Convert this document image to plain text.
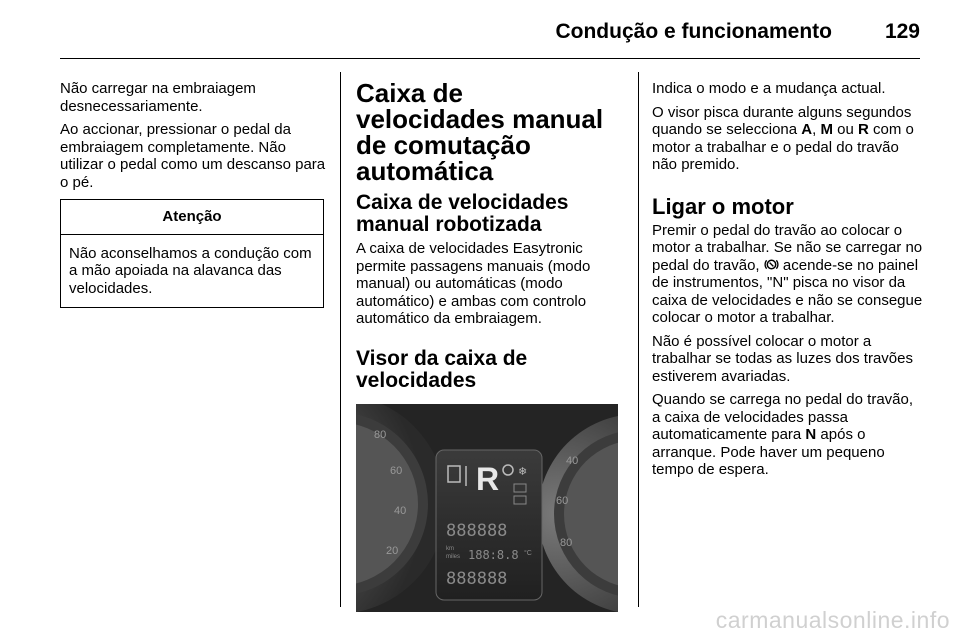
Condução e funcionamento	129

Não carregar na embraiagem desnecessariamente.

Ao accionar, pressionar o pedal da embraiagem completamente. Não utilizar o pedal como um descanso para o pé.

Atenção
Não aconselhamos a condução com a mão apoiada na alavanca das velocidades.
Caixa de velocidades manual de comutação automática
Caixa de velocidades manual robotizada

A caixa de velocidades Easytronic permite passagens manuais (modo manual) ou automáticas (modo automático) e ambas com controlo automático da embraiagem.

Visor da caixa de velocidades
80
60
40
20
40
60
80
R ❄
888888
km
miles 188:8.8 °C
888888

Indica o modo e a mudança actual.

O visor pisca durante alguns segundos quando se selecciona A, M ou R com o motor a trabalhar e o pedal do travão não premido.

Ligar o motor

Premir o pedal do travão ao colocar o motor a trabalhar. Se não se carregar no pedal do travão,  acende-se no painel de instrumentos, "N" pisca no visor da caixa de velocidades e não se consegue colocar o motor a trabalhar.

Não é possível colocar o motor a trabalhar se todas as luzes dos travões estiverem avariadas.

Quando se carrega no pedal do travão, a caixa de velocidades passa automaticamente para N após o arranque. Pode haver um pequeno tempo de espera.

carmanualsonline.info
